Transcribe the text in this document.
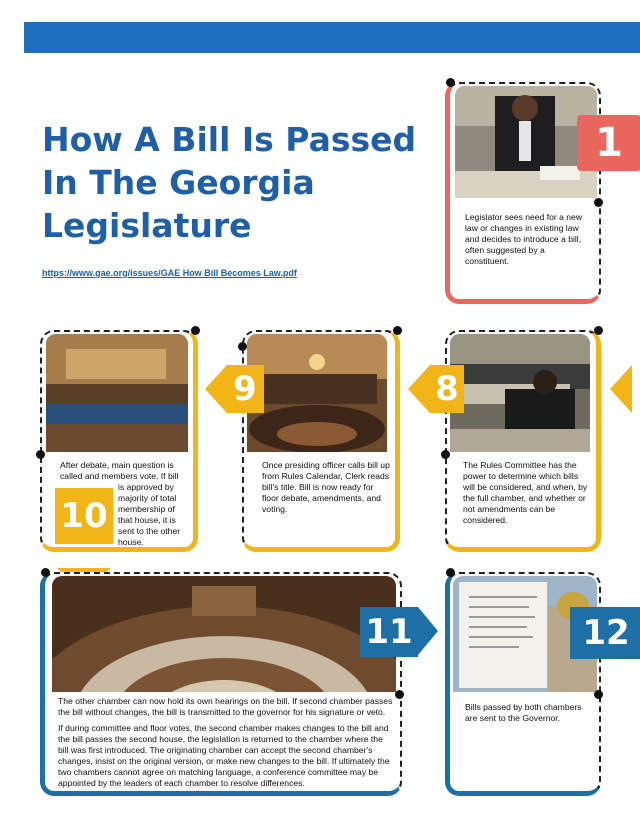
How A Bill Is Passed In The Georgia Legislature
https://www.gae.org/issues/GAE How Bill Becomes Law.pdf
1
Legislator sees need for a new law or changes in existing law and decides to introduce a bill, often suggested by a constituent.
The Rules Committee has the power to determine which bills will be considered, and when, by the full chamber, and whether or not amendments can be considered.
8
Once presiding officer calls bill up from Rules Calendar, Clerk reads bill's title. Bill is now ready for floor debate, amendments, and voting.
9
After debate, main question is called and members vote. If bill
is approved by majority of total membership of that house, it is sent to the other house.
10

The other chamber can now hold its own hearings on the bill. If second chamber passes the bill without changes, the bill is transmitted to the governor for his signature or veto.

If during committee and floor votes, the second chamber makes changes to the bill and the bill passes the second house, the legislation is returned to the chamber where the bill was first introduced. The originating chamber can accept the second chamber's changes, insist on the original version, or make new changes to the bill. If ultimately the two chambers cannot agree on matching language, a conference committee may be appointed by the leaders of each chamber to resolve differences.

11	12
Bills passed by both chambers are sent to the Governor.
